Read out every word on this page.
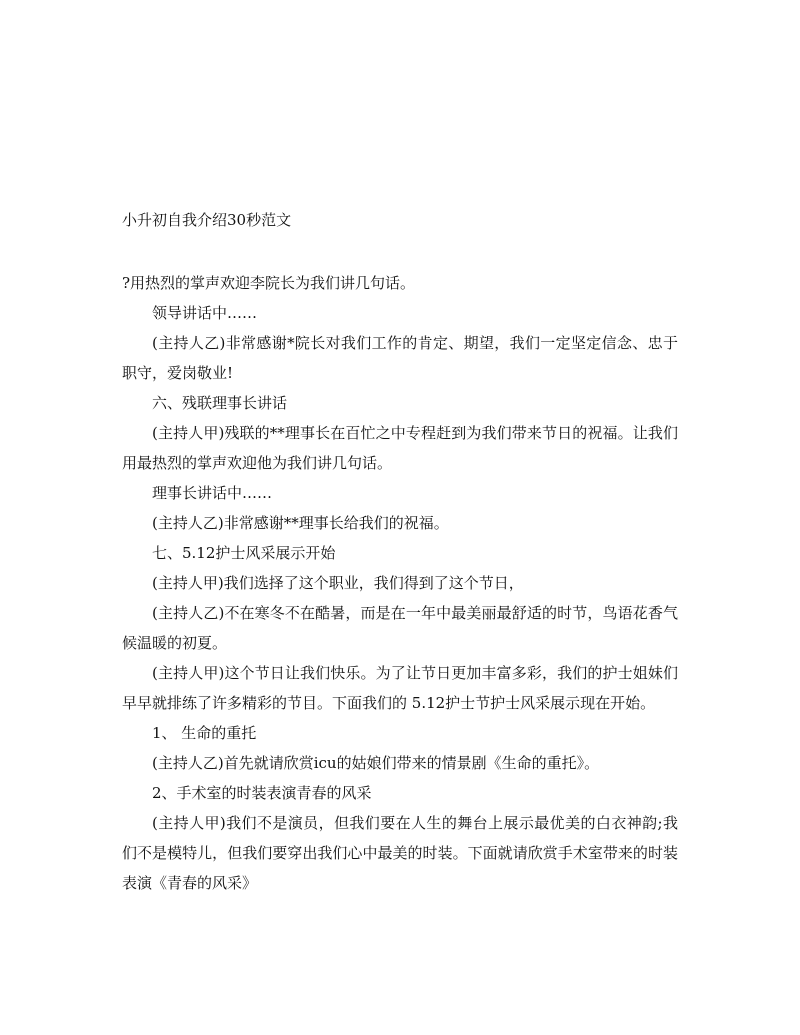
小升初自我介绍30秒范文

?用热烈的掌声欢迎李院长为我们讲几句话。

领导讲话中……

(主持人乙)非常感谢*院长对我们工作的肯定、期望，我们一定坚定信念、忠于职守，爱岗敬业!

六、残联理事长讲话

(主持人甲)残联的**理事长在百忙之中专程赶到为我们带来节日的祝福。让我们用最热烈的掌声欢迎他为我们讲几句话。

理事长讲话中……

(主持人乙)非常感谢**理事长给我们的祝福。

七、5.12护士风采展示开始

(主持人甲)我们选择了这个职业，我们得到了这个节日，

(主持人乙)不在寒冬不在酷暑，而是在一年中最美丽最舒适的时节，鸟语花香气候温暖的初夏。

(主持人甲)这个节日让我们快乐。为了让节日更加丰富多彩，我们的护士姐妹们早早就排练了许多精彩的节目。下面我们的 5.12护士节护士风采展示现在开始。

1、 生命的重托

(主持人乙)首先就请欣赏icu的姑娘们带来的情景剧《生命的重托》。

2、手术室的时装表演青春的风采

(主持人甲)我们不是演员，但我们要在人生的舞台上展示最优美的白衣神韵;我们不是模特儿，但我们要穿出我们心中最美的时装。下面就请欣赏手术室带来的时装表演《青春的风采》
